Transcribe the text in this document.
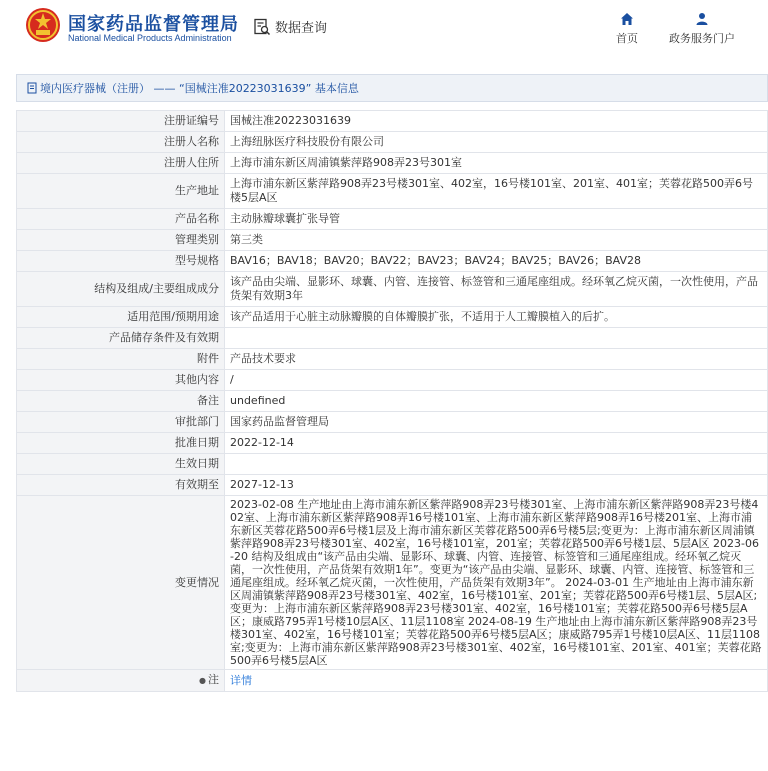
国家药品监督管理局
National Medical Products Administration
数据查询
首页	政务服务门户
境内医疗器械（注册） —— “国械注准20223031639” 基本信息
注册证编号	国械注准20223031639
注册人名称	上海纽脉医疗科技股份有限公司
注册人住所	上海市浦东新区周浦镇紫萍路908弄23号301室
生产地址	上海市浦东新区紫萍路908弄23号楼301室、402室，16号楼101室、201室、401室；芙蓉花路500弄6号楼5层A区
产品名称	主动脉瓣球囊扩张导管
管理类别	第三类
型号规格	BAV16；BAV18；BAV20；BAV22；BAV23；BAV24；BAV25；BAV26；BAV28
结构及组成/主要组成成分	该产品由尖端、显影环、球囊、内管、连接管、标签管和三通尾座组成。经环氧乙烷灭菌，一次性使用，产品货架有效期3年
适用范围/预期用途	该产品适用于心脏主动脉瓣膜的自体瓣膜扩张，不适用于人工瓣膜植入的后扩。
产品储存条件及有效期	
附件	产品技术要求
其他内容	/
备注	undefined
审批部门	国家药品监督管理局
批准日期	2022-12-14
生效日期	
有效期至	2027-12-13
变更情况	2023-02-08 生产地址由上海市浦东新区紫萍路908弄23号楼301室、上海市浦东新区紫萍路908弄23号楼402室、上海市浦东新区紫萍路908弄16号楼101室、上海市浦东新区紫萍路908弄16号楼201室、上海市浦东新区芙蓉花路500弄6号楼1层及上海市浦东新区芙蓉花路500弄6号楼5层;变更为：上海市浦东新区周浦镇紫萍路908弄23号楼301室、402室，16号楼101室，201室；芙蓉花路500弄6号楼1层、5层A区 2023-06-20 结构及组成由“该产品由尖端、显影环、球囊、内管、连接管、标签管和三通尾座组成。经环氧乙烷灭菌，一次性使用，产品货架有效期1年”。变更为“该产品由尖端、显影环、球囊、内管、连接管、标签管和三通尾座组成。经环氧乙烷灭菌，一次性使用，产品货架有效期3年”。 2024-03-01 生产地址由上海市浦东新区周浦镇紫萍路908弄23号楼301室、402室，16号楼101室、201室；芙蓉花路500弄6号楼1层、5层A区;变更为：上海市浦东新区紫萍路908弄23号楼301室、402室，16号楼101室；芙蓉花路500弄6号楼5层A区；康威路795弄1号楼10层A区、11层1108室 2024-08-19 生产地址由上海市浦东新区紫萍路908弄23号楼301室、402室，16号楼101室；芙蓉花路500弄6号楼5层A区；康威路795弄1号楼10层A区、11层1108室;变更为：上海市浦东新区紫萍路908弄23号楼301室、402室，16号楼101室、201室、401室；芙蓉花路500弄6号楼5层A区
● 注	详情
